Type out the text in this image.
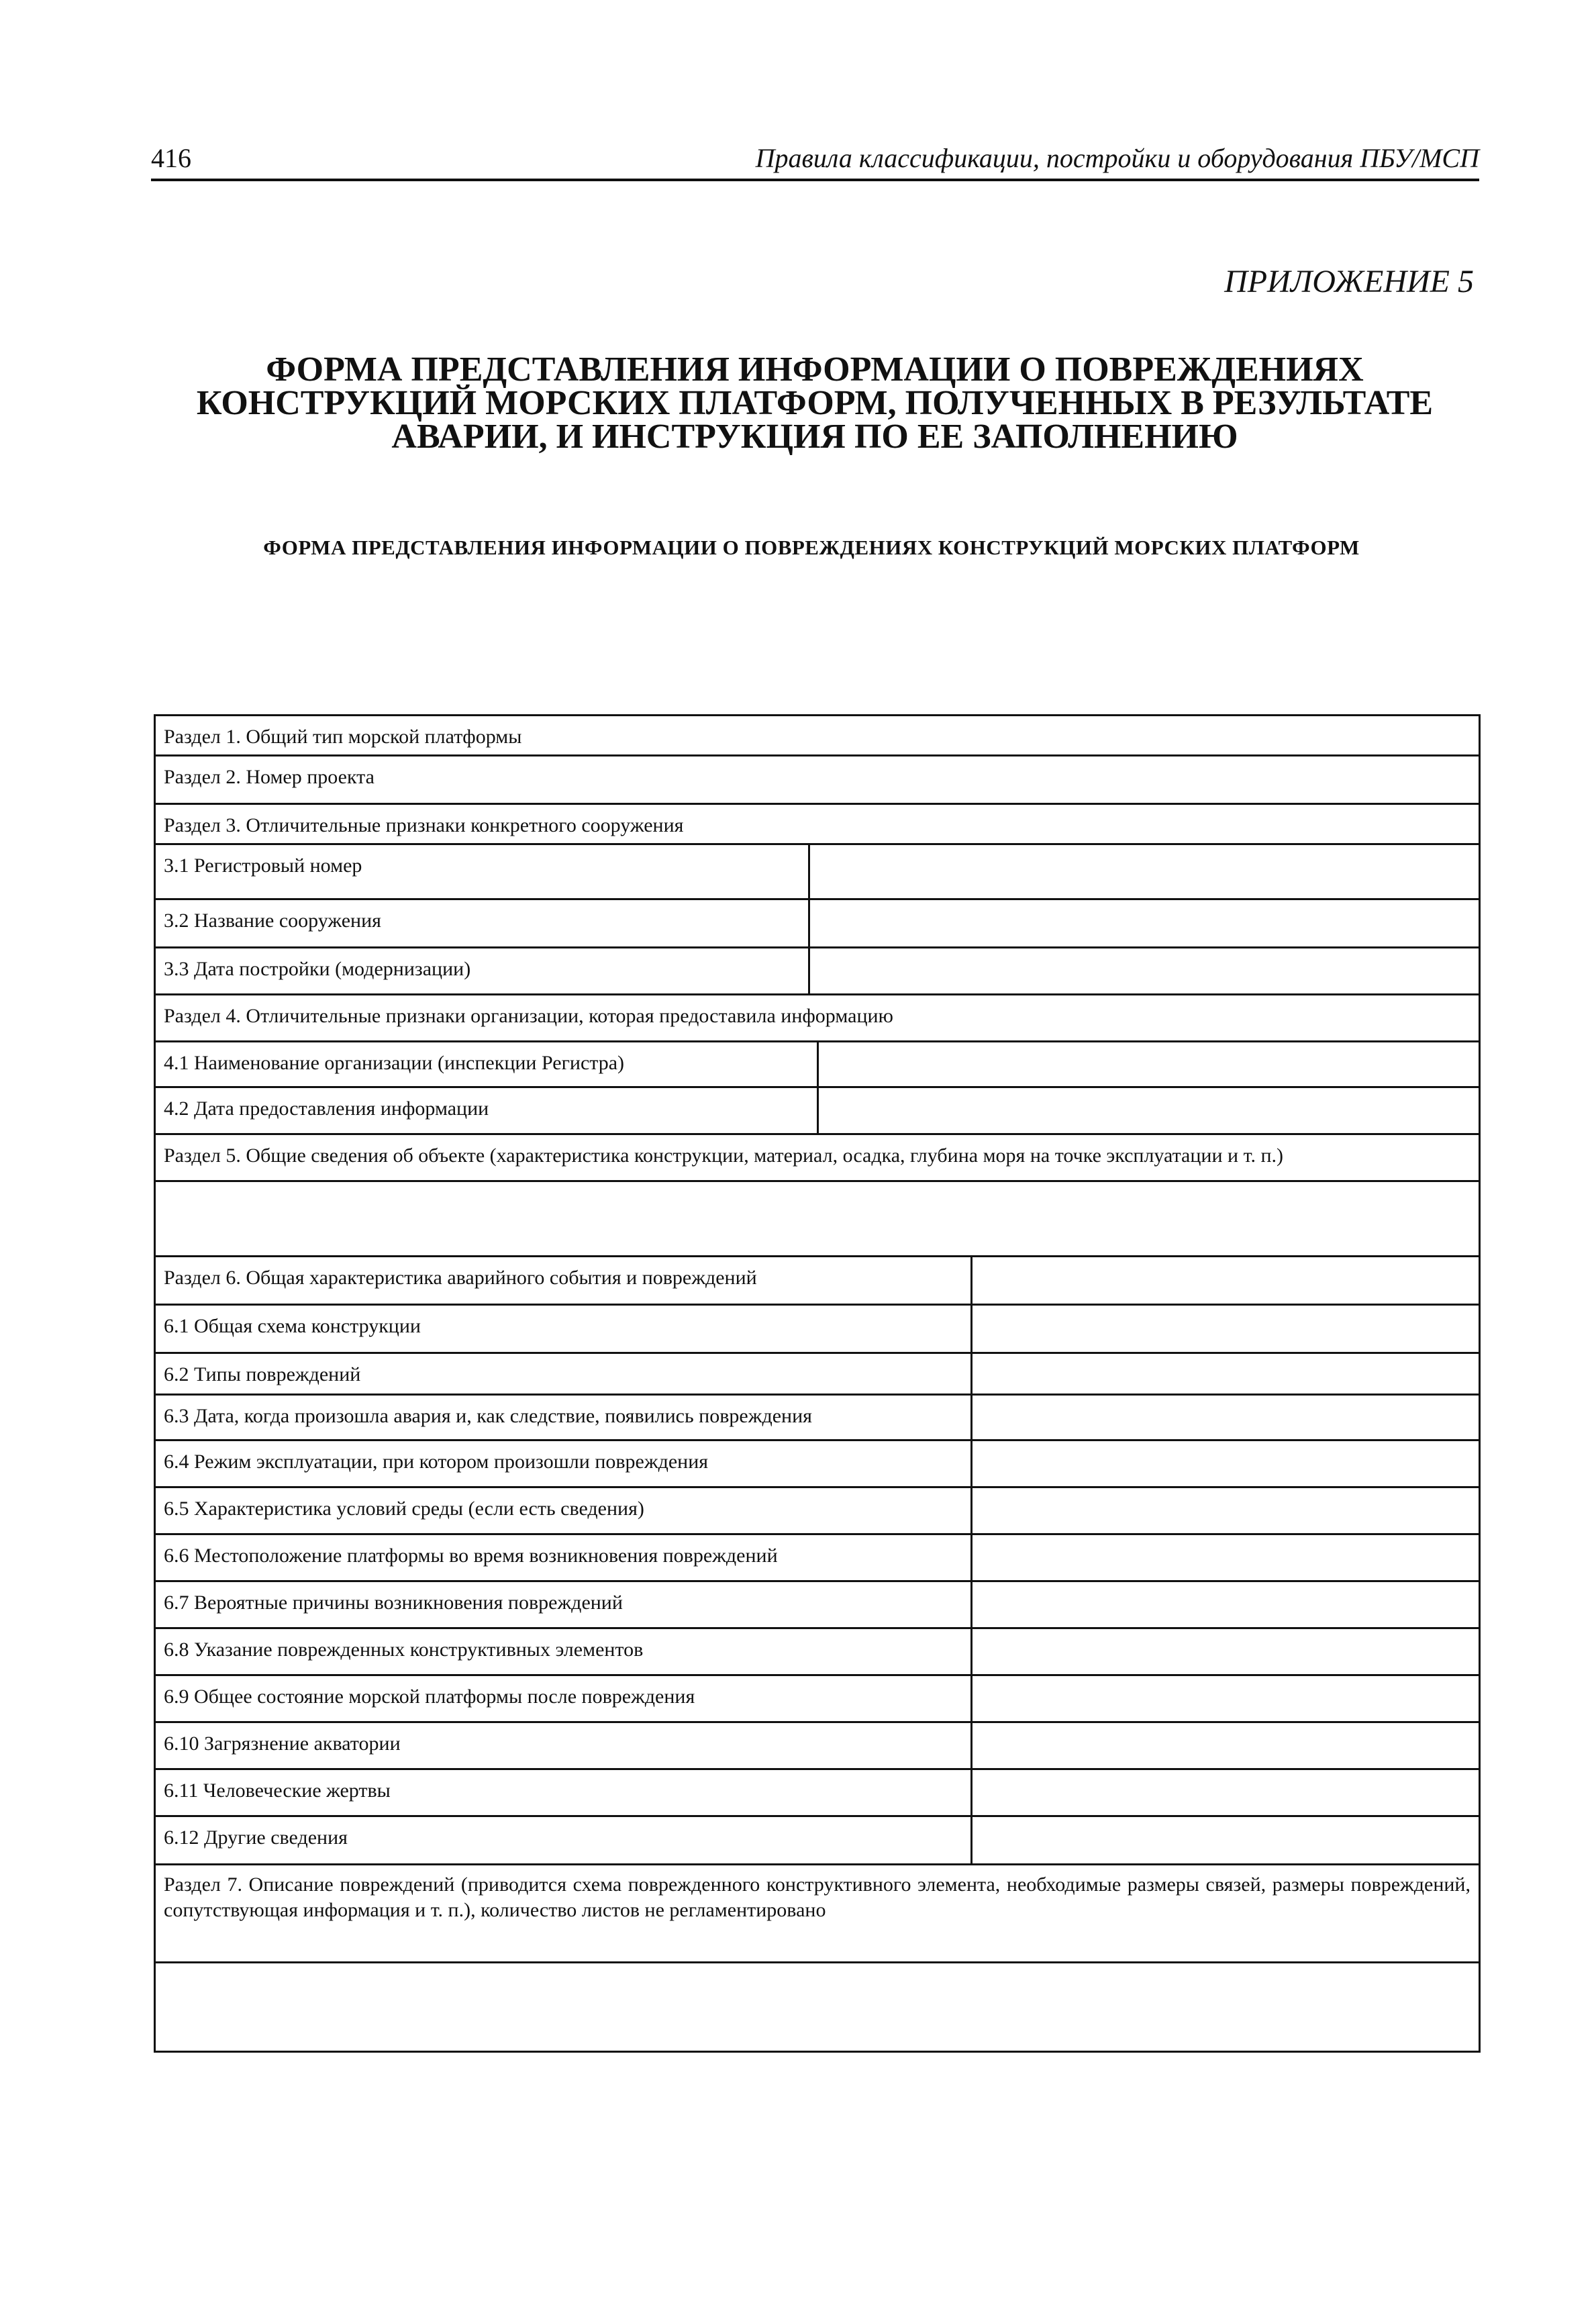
416	Правила классификации, постройки и оборудования ПБУ/МСП
ПРИЛОЖЕНИЕ 5
ФОРМА ПРЕДСТАВЛЕНИЯ ИНФОРМАЦИИ О ПОВРЕЖДЕНИЯХ КОНСТРУКЦИЙ МОРСКИХ ПЛАТФОРМ, ПОЛУЧЕННЫХ В РЕЗУЛЬТАТЕ АВАРИИ, И ИНСТРУКЦИЯ ПО ЕЕ ЗАПОЛНЕНИЮ
ФОРМА ПРЕДСТАВЛЕНИЯ ИНФОРМАЦИИ О ПОВРЕЖДЕНИЯХ КОНСТРУКЦИЙ МОРСКИХ ПЛАТФОРМ
Раздел 1. Общий тип морской платформы
Раздел 2. Номер проекта
Раздел 3. Отличительные признаки конкретного сооружения
3.1 Регистровый номер
3.2 Название сооружения
3.3 Дата постройки (модернизации)
Раздел 4. Отличительные признаки организации, которая предоставила информацию
4.1 Наименование организации (инспекции Регистра)
4.2 Дата предоставления информации
Раздел 5. Общие сведения об объекте (характеристика конструкции, материал, осадка, глубина моря на точке эксплуатации и т. п.)
Раздел 6. Общая характеристика аварийного события и повреждений
6.1 Общая схема конструкции
6.2 Типы повреждений
6.3 Дата, когда произошла авария и, как следствие, появились повреждения
6.4 Режим эксплуатации, при котором произошли повреждения
6.5 Характеристика условий среды (если есть сведения)
6.6 Местоположение платформы во время возникновения повреждений
6.7 Вероятные причины возникновения повреждений
6.8 Указание поврежденных конструктивных элементов
6.9 Общее состояние морской платформы после повреждения
6.10 Загрязнение акватории
6.11 Человеческие жертвы
6.12 Другие сведения
Раздел 7. Описание повреждений (приводится схема поврежденного конструктивного элемента, необходимые размеры связей, размеры повреждений, сопутствующая информация и т. п.), количество листов не регламентировано
